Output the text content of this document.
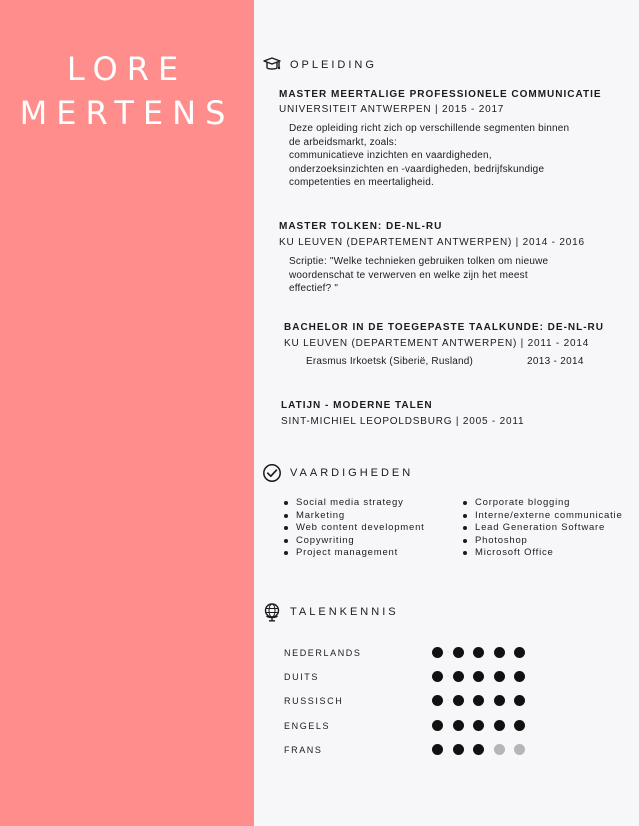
LORE
MERTENS
OPLEIDING
MASTER MEERTALIGE PROFESSIONELE COMMUNICATIE
UNIVERSITEIT ANTWERPEN | 2015 - 2017
Deze opleiding richt zich op verschillende segmenten binnen
de arbeidsmarkt, zoals:
communicatieve inzichten en vaardigheden,
onderzoeksinzichten en -vaardigheden, bedrijfskundige
competenties en meertaligheid.
MASTER TOLKEN: DE-NL-RU
KU LEUVEN (DEPARTEMENT ANTWERPEN) | 2014 - 2016
Scriptie: "Welke technieken gebruiken tolken om nieuwe
woordenschat te verwerven en welke zijn het meest
effectief? "
BACHELOR IN DE TOEGEPASTE TAALKUNDE: DE-NL-RU
KU LEUVEN (DEPARTEMENT ANTWERPEN) | 2011 - 2014
Erasmus Irkoetsk (Siberië, Rusland)	2013 - 2014
LATIJN - MODERNE TALEN
SINT-MICHIEL LEOPOLDSBURG | 2005 - 2011
VAARDIGHEDEN
Social media strategy
Marketing
Web content development
Copywriting
Project management
Corporate blogging
Interne/externe communicatie
Lead Generation Software
Photoshop
Microsoft Office
TALENKENNIS
NEDERLANDS
DUITS
RUSSISCH
ENGELS
FRANS
